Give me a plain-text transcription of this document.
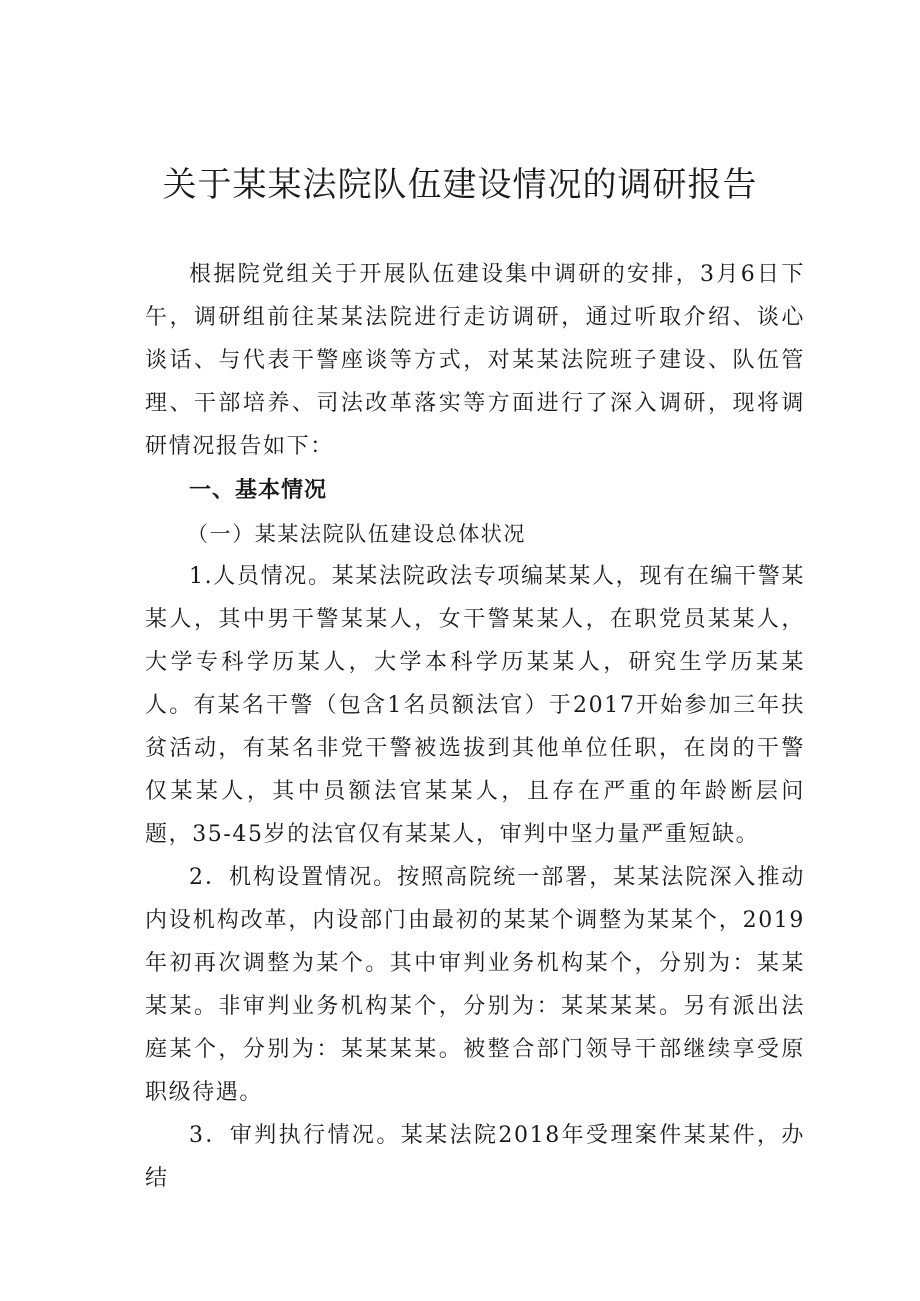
关于某某法院队伍建设情况的调研报告

根据院党组关于开展队伍建设集中调研的安排，3月6日下午，调研组前往某某法院进行走访调研，通过听取介绍、谈心谈话、与代表干警座谈等方式，对某某法院班子建设、队伍管理、干部培养、司法改革落实等方面进行了深入调研，现将调研情况报告如下：

一、基本情况

（一）某某法院队伍建设总体状况

1.人员情况。某某法院政法专项编某某人，现有在编干警某某人，其中男干警某某人，女干警某某人，在职党员某某人，大学专科学历某人，大学本科学历某某人，研究生学历某某人。有某名干警（包含1名员额法官）于2017开始参加三年扶贫活动，有某名非党干警被选拔到其他单位任职，在岗的干警仅某某人，其中员额法官某某人，且存在严重的年龄断层问题，35-45岁的法官仅有某某人，审判中坚力量严重短缺。

2．机构设置情况。按照高院统一部署，某某法院深入推动内设机构改革，内设部门由最初的某某个调整为某某个，2019年初再次调整为某个。其中审判业务机构某个，分别为：某某某某。非审判业务机构某个，分别为：某某某某。另有派出法庭某个，分别为：某某某某。被整合部门领导干部继续享受原职级待遇。

3．审判执行情况。某某法院2018年受理案件某某件，办结
